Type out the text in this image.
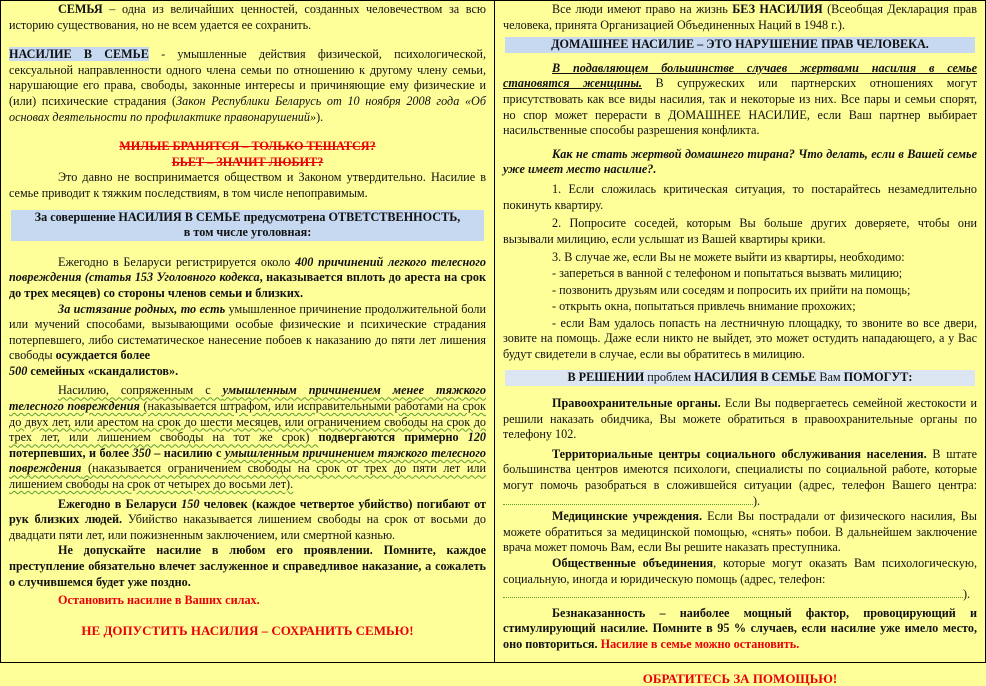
СЕМЬЯ – одна из величайших ценностей, созданных человечеством за всю историю существования, но не всем удается ее сохранить.

НАСИЛИЕ В СЕМЬЕ - умышленные действия физической, психологической, сексуальной направленности одного члена семьи по отношению к другому члену семьи, нарушающие его права, свободы, законные интересы и причиняющие ему физические и (или) психические страдания (Закон Республики Беларусь от 10 ноября 2008 года «Об основах деятельности по профилактике правонарушений»).

МИЛЫЕ БРАНЯТСЯ – ТОЛЬКО ТЕШАТСЯ?

БЬЕТ – ЗНАЧИТ ЛЮБИТ?

Это давно не воспринимается обществом и Законом утвердительно. Насилие в семье приводит к тяжким последствиям, в том числе непоправимым.

За совершение НАСИЛИЯ В СЕМЬЕ предусмотрена ОТВЕТСТВЕННОСТЬ,
в том числе уголовная:

Ежегодно в Беларуси регистрируется около 400 причинений легкого телесного повреждения (статья 153 Уголовного кодекса, наказывается вплоть до ареста на срок до трех месяцев) со стороны членов семьи и близких.

За истязание родных, то есть умышленное причинение продолжительной боли или мучений способами, вызывающими особые физические и психические страдания потерпевшего, либо систематическое нанесение побоев к наказанию до пяти лет лишения свободы осуждается более
500 семейных «скандалистов».

Насилию, сопряженным с умышленным причинением менее тяжкого телесного повреждения (наказывается штрафом, или исправительными работами на срок до двух лет, или арестом на срок до шести месяцев, или ограничением свободы на срок до трех лет, или лишением свободы на тот же срок) подвергаются примерно 120 потерпевших, и более 350 – насилию с умышленным причинением тяжкого телесного повреждения (наказывается ограничением свободы на срок от трех до пяти лет или лишением свободы на срок от четырех до восьми лет).

Ежегодно в Беларуси 150 человек (каждое четвертое убийство) погибают от рук близких людей. Убийство наказывается лишением свободы на срок от восьми до двадцати пяти лет, или пожизненным заключением, или смертной казнью.

Не допускайте насилие в любом его проявлении. Помните, каждое преступление обязательно влечет заслуженное и справедливое наказание, а сожалеть о случившемся будет уже поздно.

Остановить насилие в Ваших силах.

НЕ ДОПУСТИТЬ НАСИЛИЯ – СОХРАНИТЬ СЕМЬЮ!

Все люди имеют право на жизнь БЕЗ НАСИЛИЯ (Всеобщая Декларация прав человека, принята Организацией Объединенных Наций в 1948 г.).

ДОМАШНЕЕ НАСИЛИЕ – ЭТО НАРУШЕНИЕ ПРАВ ЧЕЛОВЕКА.

В подавляющем большинстве случаев жертвами насилия в семье становятся женщины. В супружеских или партнерских отношениях могут присутствовать как все виды насилия, так и некоторые из них. Все пары и семьи спорят, но спор может перерасти в ДОМАШНЕЕ НАСИЛИЕ, если Ваш партнер выбирает насильственные способы разрешения конфликта.

Как не стать жертвой домашнего тирана? Что делать, если в Вашей семье уже имеет место насилие?.

1. Если сложилась критическая ситуация, то постарайтесь незамедлительно покинуть квартиру.

2. Попросите соседей, которым Вы больше других доверяете, чтобы они вызывали милицию, если услышат из Вашей квартиры крики.

3. В случае же, если Вы не можете выйти из квартиры, необходимо:

- запереться в ванной с телефоном и попытаться вызвать милицию;

- позвонить друзьям или соседям и попросить их прийти на помощь;

- открыть окна, попытаться привлечь внимание прохожих;

- если Вам удалось попасть на лестничную площадку, то звоните во все двери, зовите на помощь. Даже если никто не выйдет, это может остудить нападающего, а у Вас будут свидетели в случае, если вы обратитесь в милицию.

В РЕШЕНИИ проблем НАСИЛИЯ В СЕМЬЕ Вам ПОМОГУТ:

Правоохранительные органы. Если Вы подвергаетесь семейной жестокости и решили наказать обидчика, Вы можете обратиться в правоохранительные органы по телефону 102.

Территориальные центры социального обслуживания населения. В штате большинства центров имеются психологи, специалисты по социальной работе, которые могут помочь разобраться в сложившейся ситуации (адрес, телефон Вашего центра:).

Медицинские учреждения. Если Вы пострадали от физического насилия, Вы можете обратиться за медицинской помощью, «снять» побои. В дальнейшем заключение врача может помочь Вам, если Вы решите наказать преступника.

Общественные объединения, которые могут оказать Вам психологическую, социальную, иногда и юридическую помощь (адрес, телефон:
).

Безнаказанность – наиболее мощный фактор, провоцирующий и стимулирующий насилие. Помните в 95 % случаев, если насилие уже имело место, оно повториться. Насилие в семье можно остановить.

ОБРАТИТЕСЬ ЗА ПОМОЩЬЮ!
